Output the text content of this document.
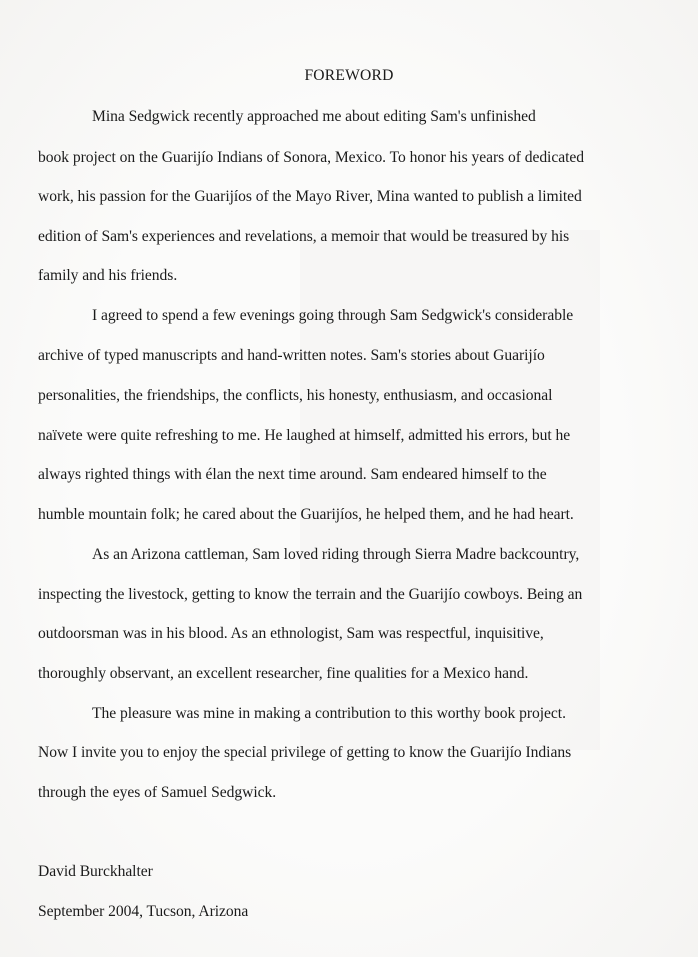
FOREWORD
Mina Sedgwick recently approached me about editing Sam's unfinished
book project on the Guarijío Indians of Sonora, Mexico. To honor his years of dedicated
work, his passion for the Guarijíos of the Mayo River, Mina wanted to publish a limited
edition of Sam's experiences and revelations, a memoir that would be treasured by his
family and his friends.
I agreed to spend a few evenings going through Sam Sedgwick's considerable
archive of typed manuscripts and hand-written notes. Sam's stories about Guarijío
personalities, the friendships, the conflicts, his honesty, enthusiasm, and occasional
naïvete were quite refreshing to me. He laughed at himself, admitted his errors, but he
always righted things with élan the next time around. Sam endeared himself to the
humble mountain folk; he cared about the Guarijíos, he helped them, and he had heart.
As an Arizona cattleman, Sam loved riding through Sierra Madre backcountry,
inspecting the livestock, getting to know the terrain and the Guarijío cowboys. Being an
outdoorsman was in his blood. As an ethnologist, Sam was respectful, inquisitive,
thoroughly observant, an excellent researcher, fine qualities for a Mexico hand.
The pleasure was mine in making a contribution to this worthy book project.
Now I invite you to enjoy the special privilege of getting to know the Guarijío Indians
through the eyes of Samuel Sedgwick.
David Burckhalter
September 2004, Tucson, Arizona
